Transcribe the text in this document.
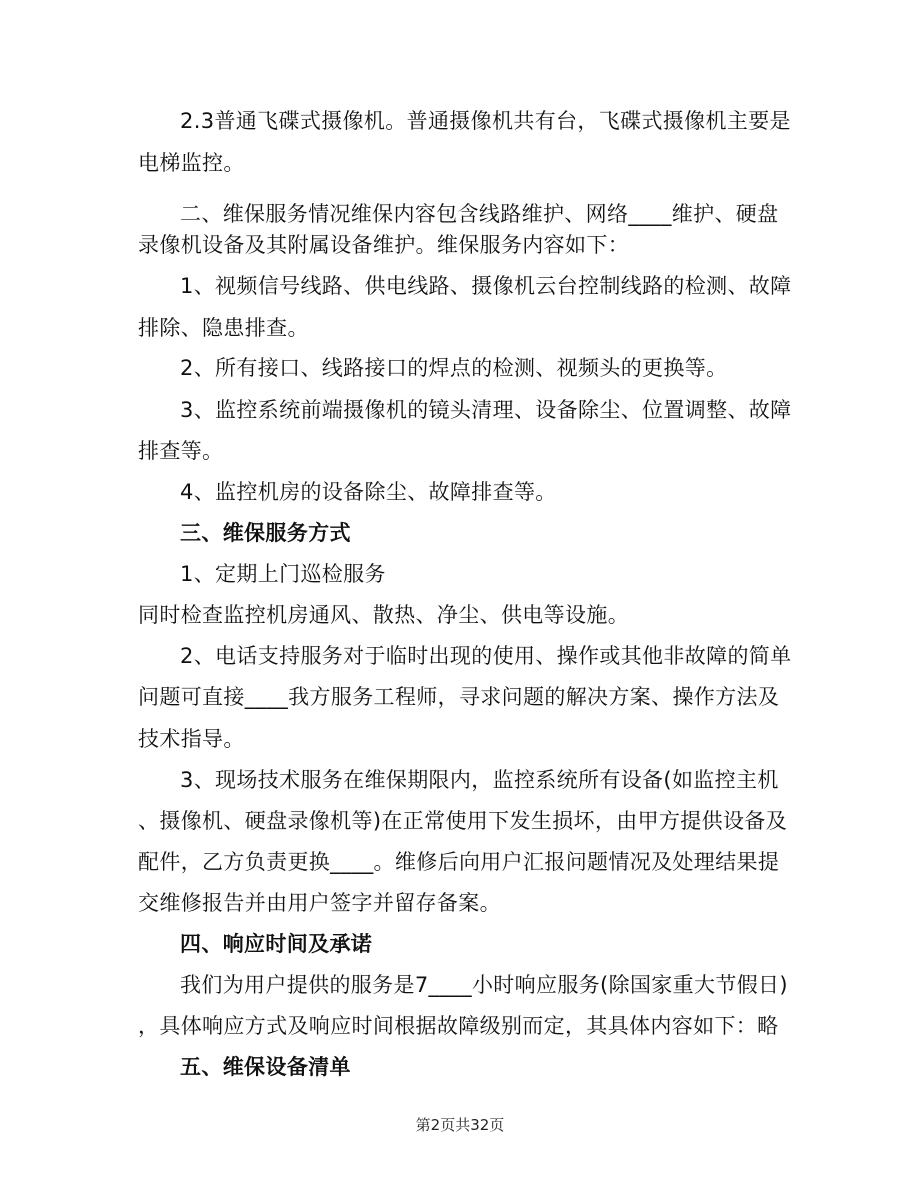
2.3普通飞碟式摄像机。普通摄像机共有台，飞碟式摄像机主要是
电梯监控。
二、维保服务情况维保内容包含线路维护、网络____维护、硬盘
录像机设备及其附属设备维护。维保服务内容如下：
1、视频信号线路、供电线路、摄像机云台控制线路的检测、故障
排除、隐患排查。
2、所有接口、线路接口的焊点的检测、视频头的更换等。
3、监控系统前端摄像机的镜头清理、设备除尘、位置调整、故障
排查等。
4、监控机房的设备除尘、故障排查等。
三、维保服务方式
1、定期上门巡检服务
同时检查监控机房通风、散热、净尘、供电等设施。
2、电话支持服务对于临时出现的使用、操作或其他非故障的简单
问题可直接____我方服务工程师，寻求问题的解决方案、操作方法及
技术指导。
3、现场技术服务在维保期限内，监控系统所有设备(如监控主机
、摄像机、硬盘录像机等)在正常使用下发生损坏，由甲方提供设备及
配件，乙方负责更换____。维修后向用户汇报问题情况及处理结果提
交维修报告并由用户签字并留存备案。
四、响应时间及承诺
我们为用户提供的服务是7____小时响应服务(除国家重大节假日)
，具体响应方式及响应时间根据故障级别而定，其具体内容如下：略
五、维保设备清单
第2页共32页
